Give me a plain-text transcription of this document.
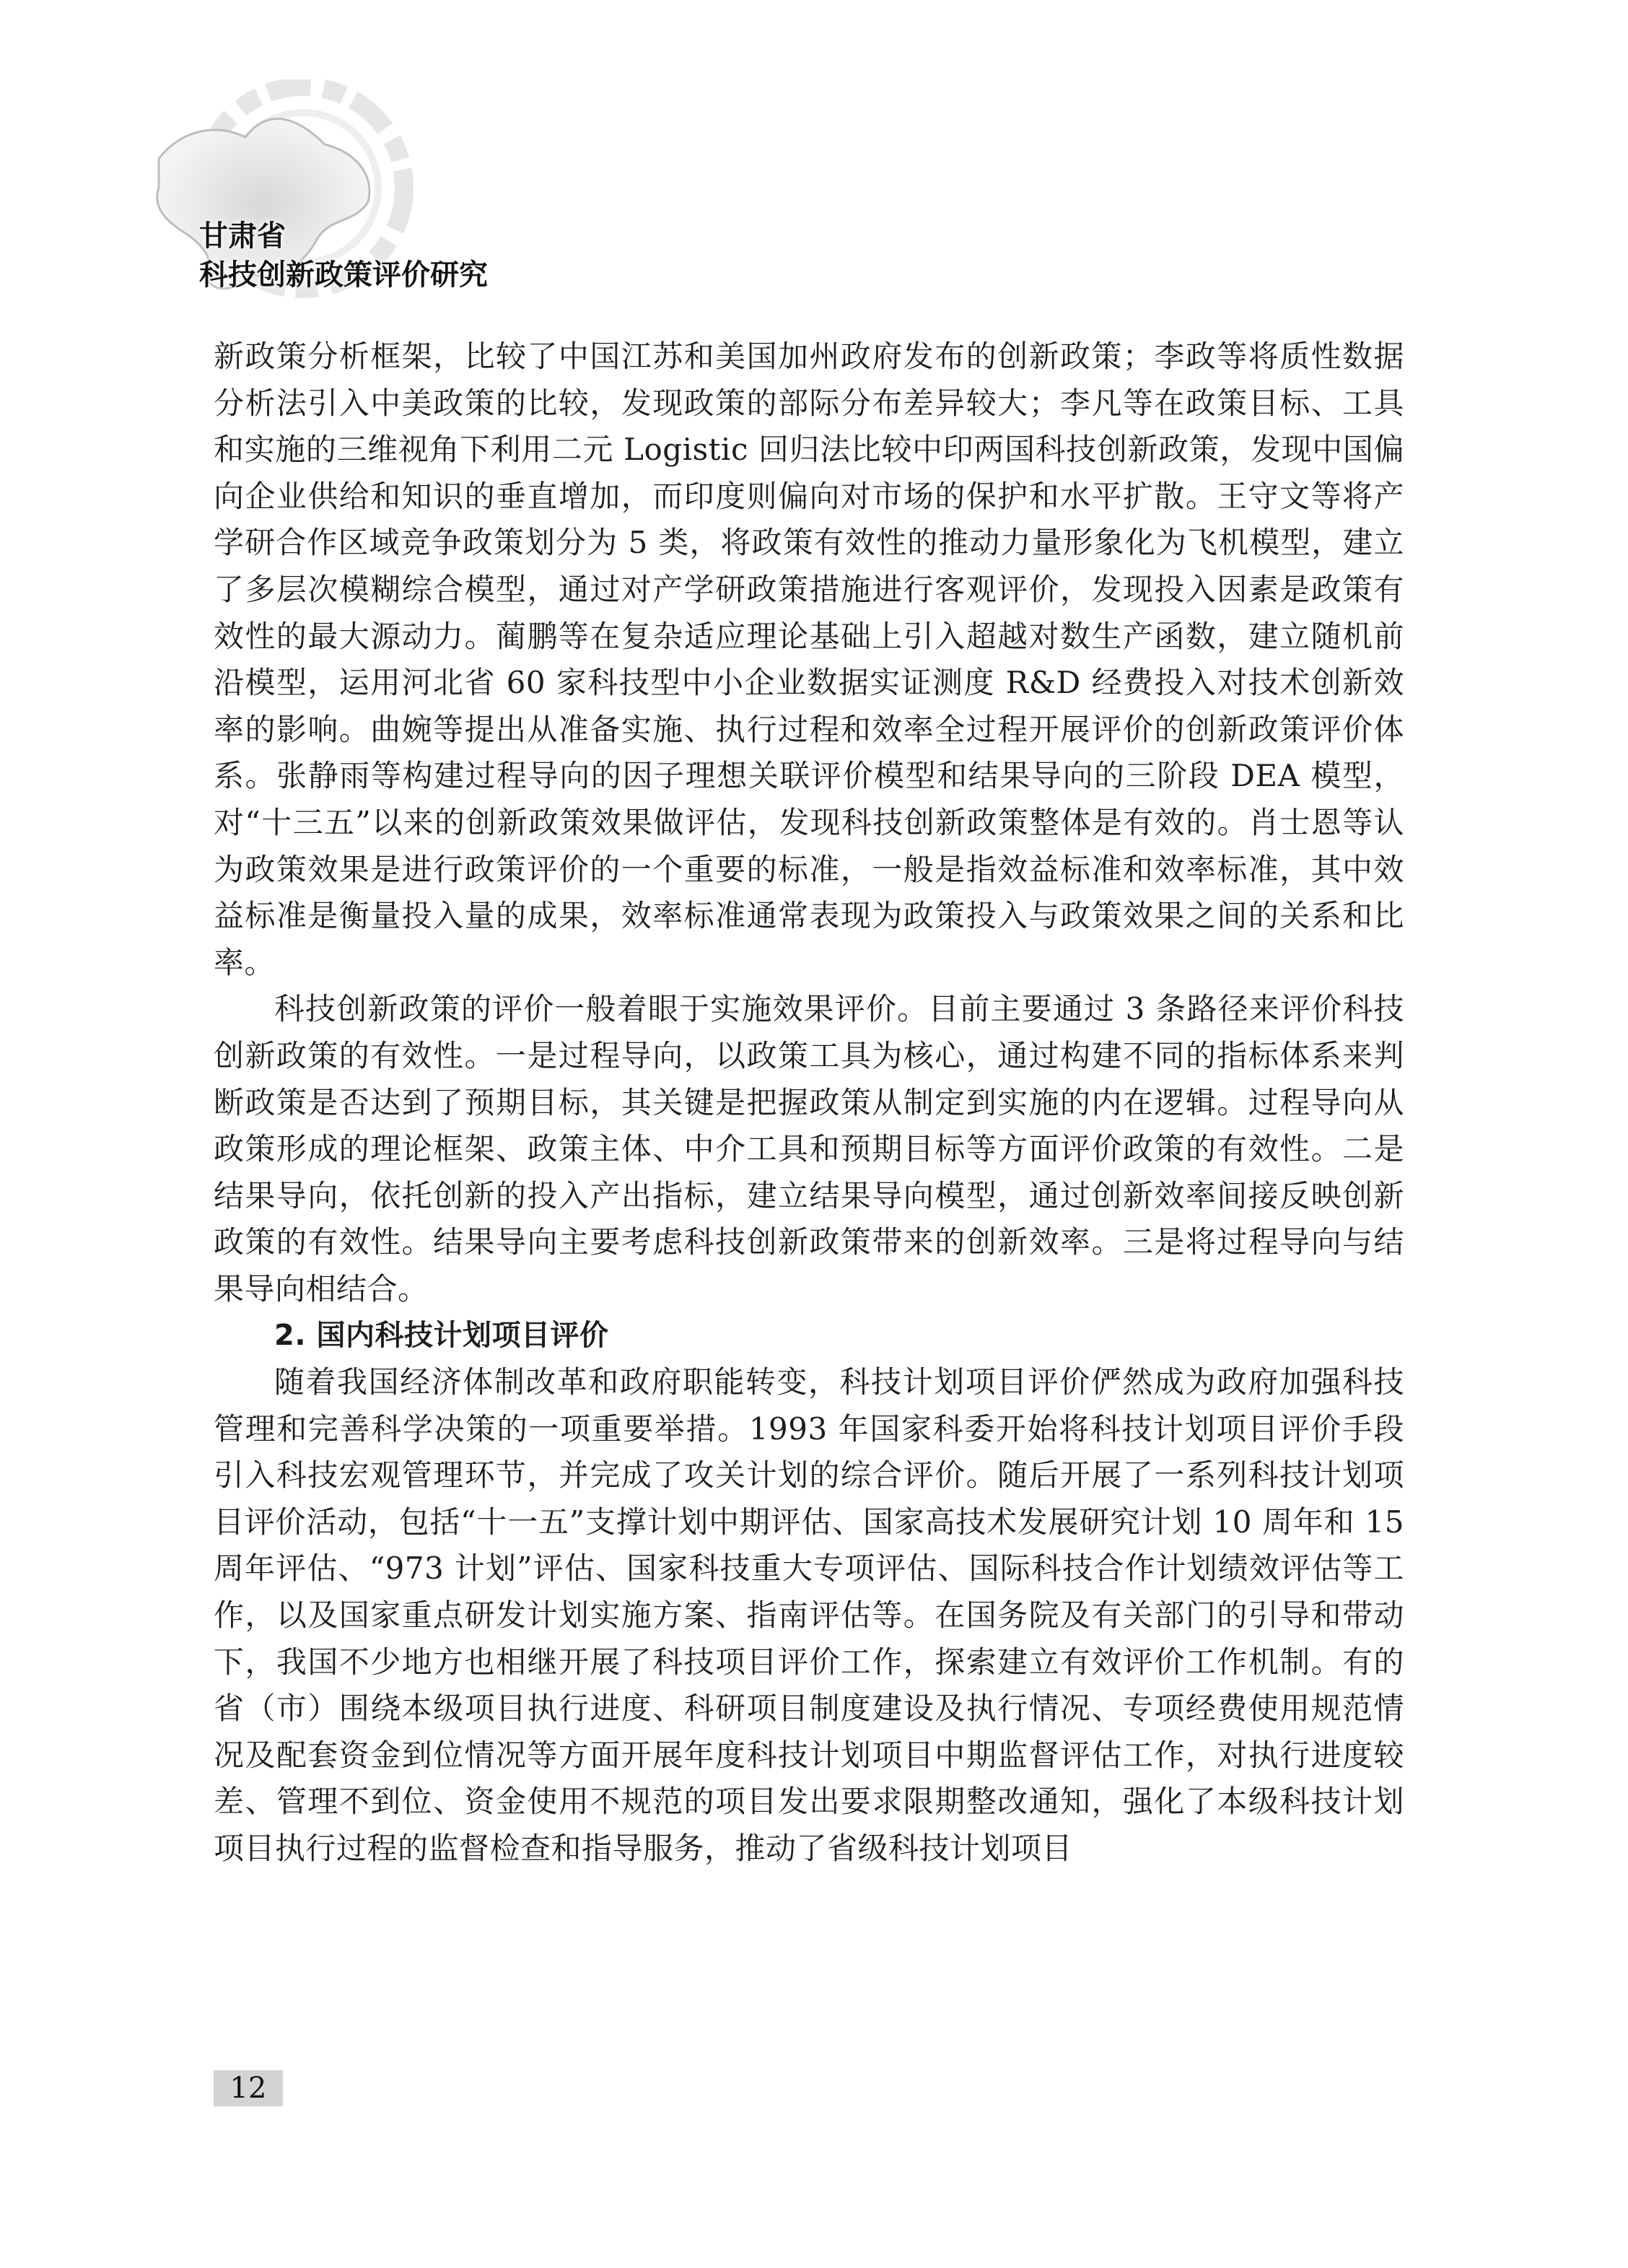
甘肃省
科技创新政策评价研究

新政策分析框架，比较了中国江苏和美国加州政府发布的创新政策；李政等将质性数据分析法引入中美政策的比较，发现政策的部际分布差异较大；李凡等在政策目标、工具和实施的三维视角下利用二元 Logistic 回归法比较中印两国科技创新政策，发现中国偏向企业供给和知识的垂直增加，而印度则偏向对市场的保护和水平扩散。王守文等将产学研合作区域竞争政策划分为 5 类，将政策有效性的推动力量形象化为飞机模型，建立了多层次模糊综合模型，通过对产学研政策措施进行客观评价，发现投入因素是政策有效性的最大源动力。蔺鹏等在复杂适应理论基础上引入超越对数生产函数，建立随机前沿模型，运用河北省 60 家科技型中小企业数据实证测度 R&D 经费投入对技术创新效率的影响。曲婉等提出从准备实施、执行过程和效率全过程开展评价的创新政策评价体系。张静雨等构建过程导向的因子理想关联评价模型和结果导向的三阶段 DEA 模型，对“十三五”以来的创新政策效果做评估，发现科技创新政策整体是有效的。肖士恩等认为政策效果是进行政策评价的一个重要的标准，一般是指效益标准和效率标准，其中效益标准是衡量投入量的成果，效率标准通常表现为政策投入与政策效果之间的关系和比率。

科技创新政策的评价一般着眼于实施效果评价。目前主要通过 3 条路径来评价科技创新政策的有效性。一是过程导向，以政策工具为核心，通过构建不同的指标体系来判断政策是否达到了预期目标，其关键是把握政策从制定到实施的内在逻辑。过程导向从政策形成的理论框架、政策主体、中介工具和预期目标等方面评价政策的有效性。二是结果导向，依托创新的投入产出指标，建立结果导向模型，通过创新效率间接反映创新政策的有效性。结果导向主要考虑科技创新政策带来的创新效率。三是将过程导向与结果导向相结合。

2. 国内科技计划项目评价

随着我国经济体制改革和政府职能转变，科技计划项目评价俨然成为政府加强科技管理和完善科学决策的一项重要举措。1993 年国家科委开始将科技计划项目评价手段引入科技宏观管理环节，并完成了攻关计划的综合评价。随后开展了一系列科技计划项目评价活动，包括“十一五”支撑计划中期评估、国家高技术发展研究计划 10 周年和 15 周年评估、“973 计划”评估、国家科技重大专项评估、国际科技合作计划绩效评估等工作，以及国家重点研发计划实施方案、指南评估等。在国务院及有关部门的引导和带动下，我国不少地方也相继开展了科技项目评价工作，探索建立有效评价工作机制。有的省（市）围绕本级项目执行进度、科研项目制度建设及执行情况、专项经费使用规范情况及配套资金到位情况等方面开展年度科技计划项目中期监督评估工作，对执行进度较差、管理不到位、资金使用不规范的项目发出要求限期整改通知，强化了本级科技计划项目执行过程的监督检查和指导服务，推动了省级科技计划项目

12
